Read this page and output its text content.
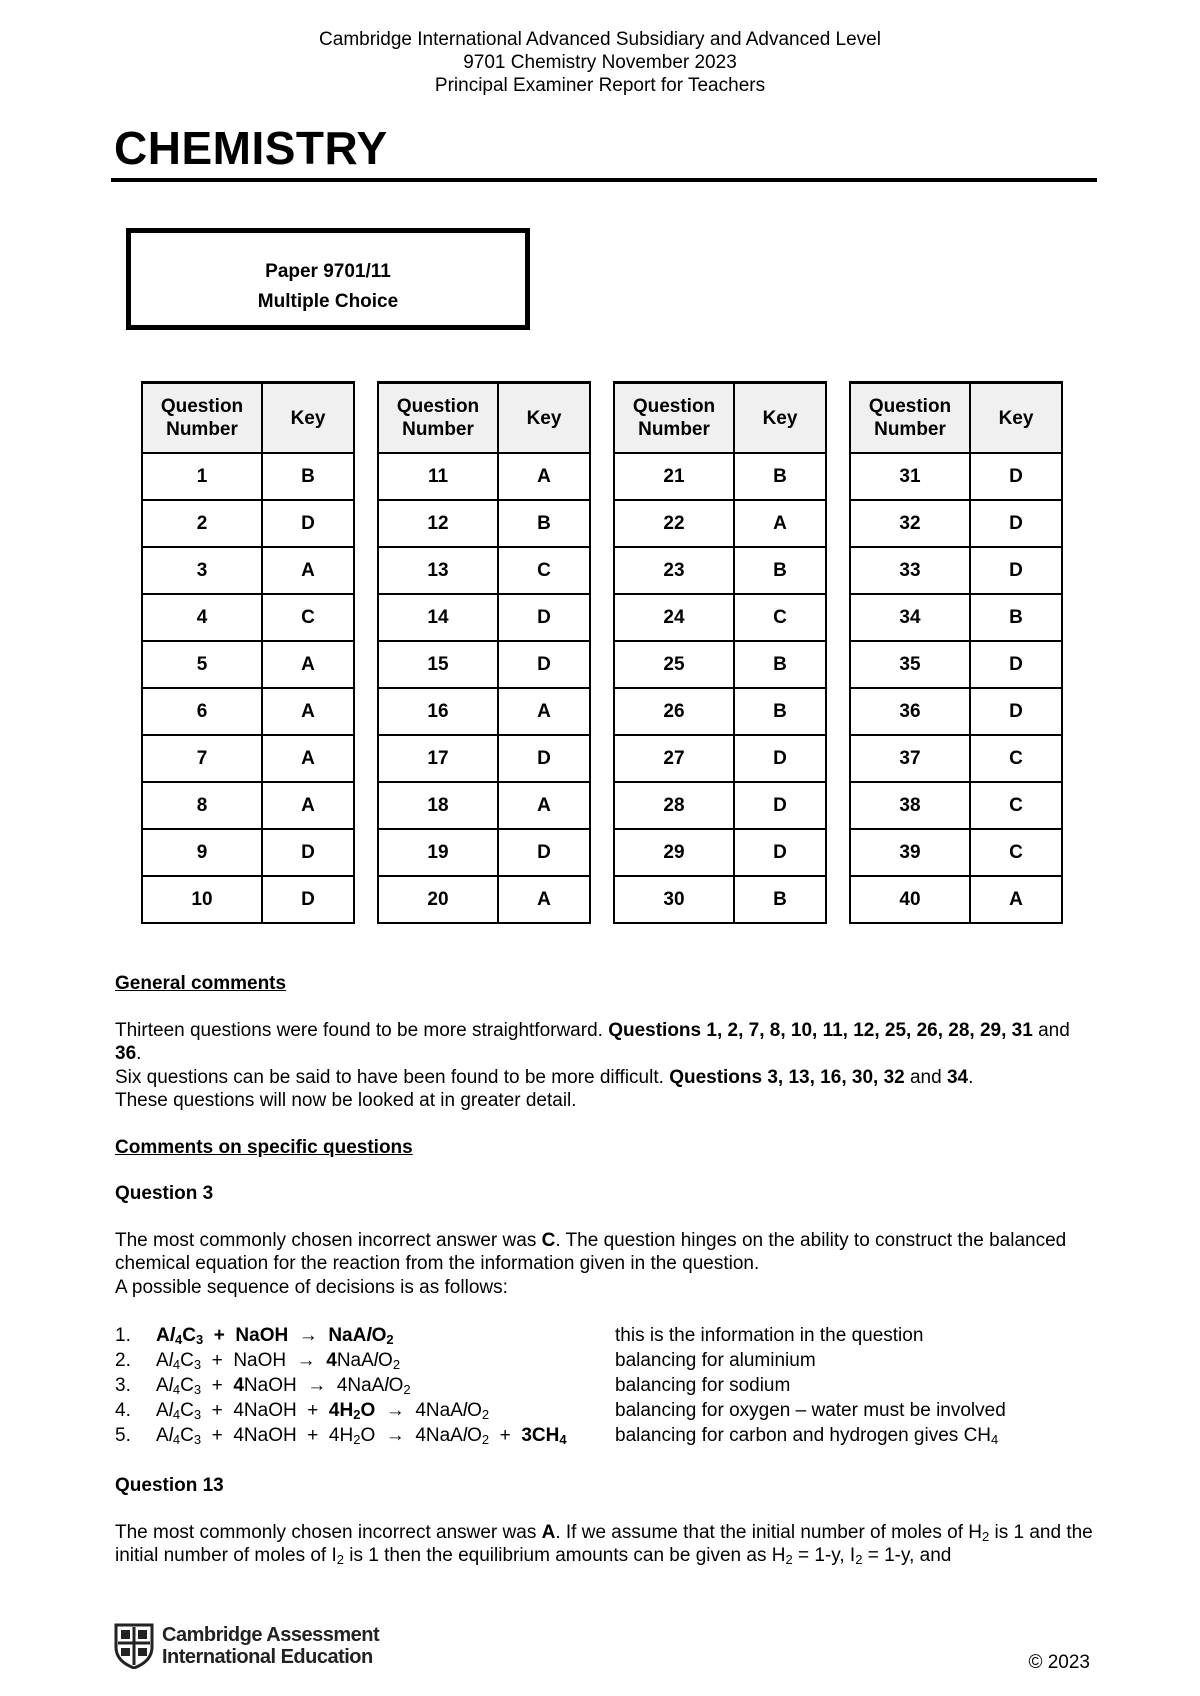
Cambridge International Advanced Subsidiary and Advanced Level
9701 Chemistry November 2023
Principal Examiner Report for Teachers
CHEMISTRY
Paper 9701/11
Multiple Choice
Question Number	Key
1	B
2	D
3	A
4	C
5	A
6	A
7	A
8	A
9	D
10	D
Question Number	Key
11	A
12	B
13	C
14	D
15	D
16	A
17	D
18	A
19	D
20	A
Question Number	Key
21	B
22	A
23	B
24	C
25	B
26	B
27	D
28	D
29	D
30	B
Question Number	Key
31	D
32	D
33	D
34	B
35	D
36	D
37	C
38	C
39	C
40	A
General comments
Thirteen questions were found to be more straightforward. Questions 1, 2, 7, 8, 10, 11, 12, 25, 26, 28, 29, 31 and 36.
Six questions can be said to have been found to be more difficult. Questions 3, 13, 16, 30, 32 and 34.
These questions will now be looked at in greater detail.
Comments on specific questions
Question 3
The most commonly chosen incorrect answer was C. The question hinges on the ability to construct the balanced chemical equation for the reaction from the information given in the question.
A possible sequence of decisions is as follows:
1. $Al_4C_3$  +  NaOH  →  NaAlO$_2$	this is the information in the question
2. $Al_4C_3$  +  NaOH  →  4NaAlO$_2$	balancing for aluminium
3. $Al_4C_3$  +  4NaOH  →  4NaAlO$_2$	balancing for sodium
4. $Al_4C_3$  +  4NaOH  +  $4H_2O$  →  4NaAlO$_2$	balancing for oxygen – water must be involved
5. $Al_4C_3$  +  4NaOH  +  $4H_2O$  →  4NaAlO$_2$  +  $3CH_4$	balancing for carbon and hydrogen gives $CH_4$
Question 13
The most commonly chosen incorrect answer was A. If we assume that the initial number of moles of $H_2$ is 1 and the initial number of moles of $I_2$ is 1 then the equilibrium amounts can be given as $H_2 = 1-y$, $I_2 = 1-y$, and
Cambridge Assessment
International Education	© 2023
